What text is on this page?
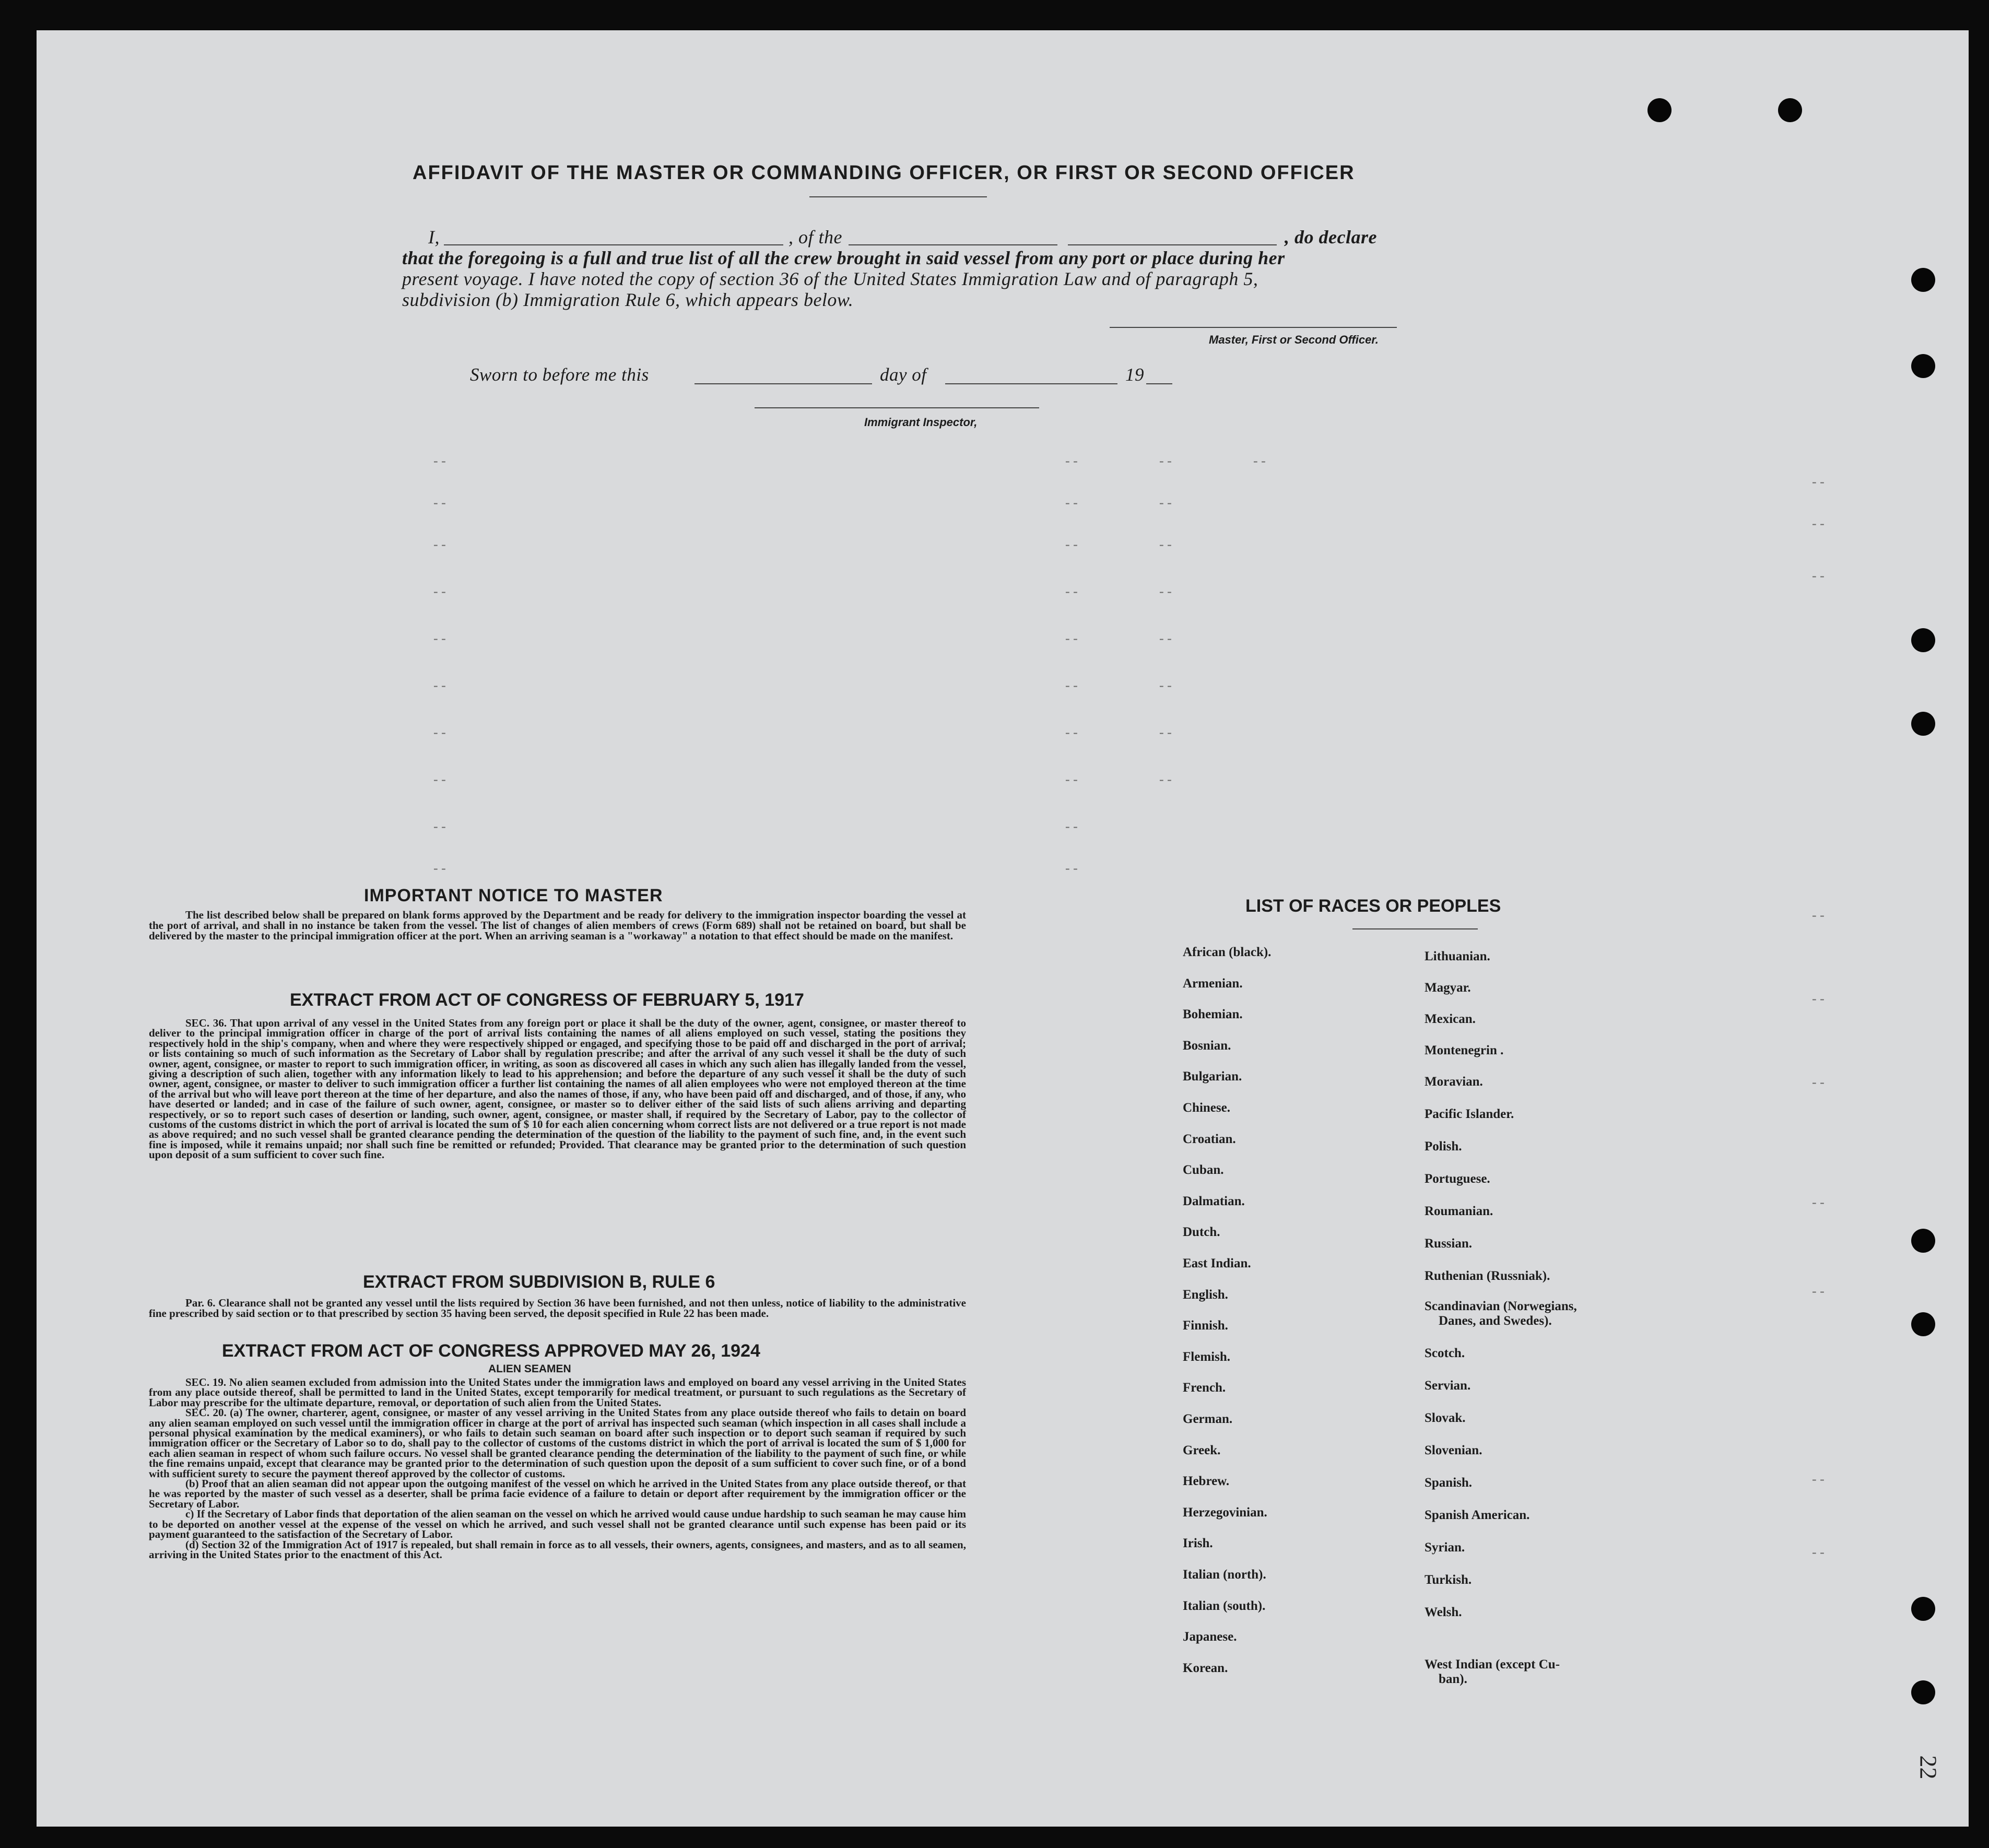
AFFIDAVIT OF THE MASTER OR COMMANDING OFFICER, OR FIRST OR SECOND OFFICER
I,	, of the	, do declare
that the foregoing is a full and true list of all the crew brought in said vessel from any port or place during her
present voyage. I have noted the copy of section 36 of the United States Immigration Law and of paragraph 5,
subdivision (b) Immigration Rule 6, which appears below.
Master, First or Second Officer.
Sworn to before me this	day of	19
Immigrant Inspector,
- -	- -	- -	- -
- -
- -	- -	- -
- -
- -	- -	- -
- -
- -	- -	- -
- -	- -	- -
- -	- -	- -
- -	- -	- -
- -	- -	- -
- -	- -
- -	- -
- -
- -
- -
- -
- -
- -
- -
IMPORTANT NOTICE TO MASTER

The list described below shall be prepared on blank forms approved by the Department and be ready for delivery to the immigration inspector boarding the vessel at the port of arrival, and shall in no instance be taken from the vessel. The list of changes of alien members of crews (Form 689) shall not be retained on board, but shall be delivered by the master to the principal immigration officer at the port. When an arriving seaman is a "workaway" a notation to that effect should be made on the manifest.

EXTRACT FROM ACT OF CONGRESS OF FEBRUARY 5, 1917

SEC. 36. That upon arrival of any vessel in the United States from any foreign port or place it shall be the duty of the owner, agent, consignee, or master thereof to deliver to the principal immigration officer in charge of the port of arrival lists containing the names of all aliens employed on such vessel, stating the positions they respectively hold in the ship's company, when and where they were respectively shipped or engaged, and specifying those to be paid off and discharged in the port of arrival; or lists containing so much of such information as the Secretary of Labor shall by regulation prescribe; and after the arrival of any such vessel it shall be the duty of such owner, agent, consignee, or master to report to such immigration officer, in writing, as soon as discovered all cases in which any such alien has illegally landed from the vessel, giving a description of such alien, together with any information likely to lead to his apprehension; and before the departure of any such vessel it shall be the duty of such owner, agent, consignee, or master to deliver to such immigration officer a further list containing the names of all alien employees who were not employed thereon at the time of the arrival but who will leave port thereon at the time of her departure, and also the names of those, if any, who have been paid off and discharged, and of those, if any, who have deserted or landed; and in case of the failure of such owner, agent, consignee, or master so to deliver either of the said lists of such aliens arriving and departing respectively, or so to report such cases of desertion or landing, such owner, agent, consignee, or master shall, if required by the Secretary of Labor, pay to the collector of customs of the customs district in which the port of arrival is located the sum of $ 10 for each alien concerning whom correct lists are not delivered or a true report is not made as above required; and no such vessel shall be granted clearance pending the determination of the question of the liability to the payment of such fine, and, in the event such fine is imposed, while it remains unpaid; nor shall such fine be remitted or refunded; Provided. That clearance may be granted prior to the determination of such question upon deposit of a sum sufficient to cover such fine.

EXTRACT FROM SUBDIVISION B, RULE 6

Par. 6. Clearance shall not be granted any vessel until the lists required by Section 36 have been furnished, and not then unless, notice of liability to the administrative fine prescribed by said section or to that prescribed by section 35 having been served, the deposit specified in Rule 22 has been made.

EXTRACT FROM ACT OF CONGRESS APPROVED MAY 26, 1924
ALIEN SEAMEN

SEC. 19. No alien seamen excluded from admission into the United States under the immigration laws and employed on board any vessel arriving in the United States from any place outside thereof, shall be permitted to land in the United States, except temporarily for medical treatment, or pursuant to such regulations as the Secretary of Labor may prescribe for the ultimate departure, removal, or deportation of such alien from the United States.

SEC. 20. (a) The owner, charterer, agent, consignee, or master of any vessel arriving in the United States from any place outside thereof who fails to detain on board any alien seaman employed on such vessel until the immigration officer in charge at the port of arrival has inspected such seaman (which inspection in all cases shall include a personal physical examination by the medical examiners), or who fails to detain such seaman on board after such inspection or to deport such seaman if required by such immigration officer or the Secretary of Labor so to do, shall pay to the collector of customs of the customs district in which the port of arrival is located the sum of $ 1,000 for each alien seaman in respect of whom such failure occurs. No vessel shall be granted clearance pending the determination of the liability to the payment of such fine, or while the fine remains unpaid, except that clearance may be granted prior to the determination of such question upon the deposit of a sum sufficient to cover such fine, or of a bond with sufficient surety to secure the payment thereof approved by the collector of customs.

(b) Proof that an alien seaman did not appear upon the outgoing manifest of the vessel on which he arrived in the United States from any place outside thereof, or that he was reported by the master of such vessel as a deserter, shall be prima facie evidence of a failure to detain or deport after requirement by the immigration officer or the Secretary of Labor.

c) If the Secretary of Labor finds that deportation of the alien seaman on the vessel on which he arrived would cause undue hardship to such seaman he may cause him to be deported on another vessel at the expense of the vessel on which he arrived, and such vessel shall not be granted clearance until such expense has been paid or its payment guaranteed to the satisfaction of the Secretary of Labor.

(d) Section 32 of the Immigration Act of 1917 is repealed, but shall remain in force as to all vessels, their owners, agents, consignees, and masters, and as to all seamen, arriving in the United States prior to the enactment of this Act.

LIST OF RACES OR PEOPLES
22
African (black).
Armenian.
Bohemian.
Bosnian.
Bulgarian.
Chinese.
Croatian.
Cuban.
Dalmatian.
Dutch.
East Indian.
English.
Finnish.
Flemish.
French.
German.
Greek.
Hebrew.
Herzegovinian.
Irish.
Italian (north).
Italian (south).
Japanese.
Korean.
Lithuanian.
Magyar.
Mexican.
Montenegrin .
Moravian.
Pacific Islander.
Polish.
Portuguese.
Roumanian.
Russian.
Ruthenian (Russniak).
Scandinavian (Norwegians,
Danes, and Swedes).
Scotch.
Servian.
Slovak.
Slovenian.
Spanish.
Spanish American.
Syrian.
Turkish.
Welsh.
West Indian (except Cu-
ban).
